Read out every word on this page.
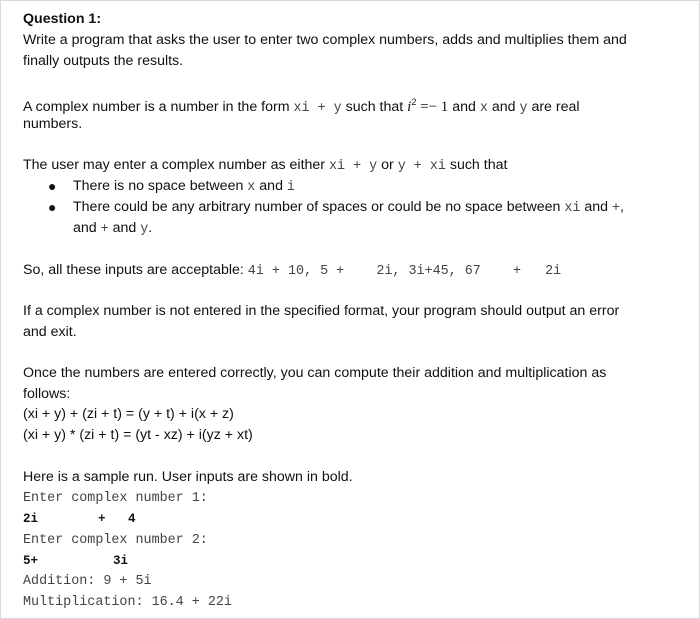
Question 1:
Write a program that asks the user to enter two complex numbers, adds and multiplies them and
finally outputs the results.
A complex number is a number in the form xi + y such that $i^2 =- 1$ and x and y are real
numbers.
The user may enter a complex number as either xi + y or y + xi such that
● There is no space between x and i
● There could be any arbitrary number of spaces or could be no space between xi and +,
and + and y.
So, all these inputs are acceptable: 4i + 10, 5 +    2i, 3i+45, 67    +   2i
If a complex number is not entered in the specified format, your program should output an error
and exit.
Once the numbers are entered correctly, you can compute their addition and multiplication as
follows:
(xi + y) + (zi + t) = (y + t) + i(x + z)
(xi + y) * (zi + t) = (yt - xz) + i(yz + xt)
Here is a sample run. User inputs are shown in bold.
Enter complex number 1:
2i        +   4
Enter complex number 2:
5+          3i
Addition: 9 + 5i
Multiplication: 16.4 + 22i
